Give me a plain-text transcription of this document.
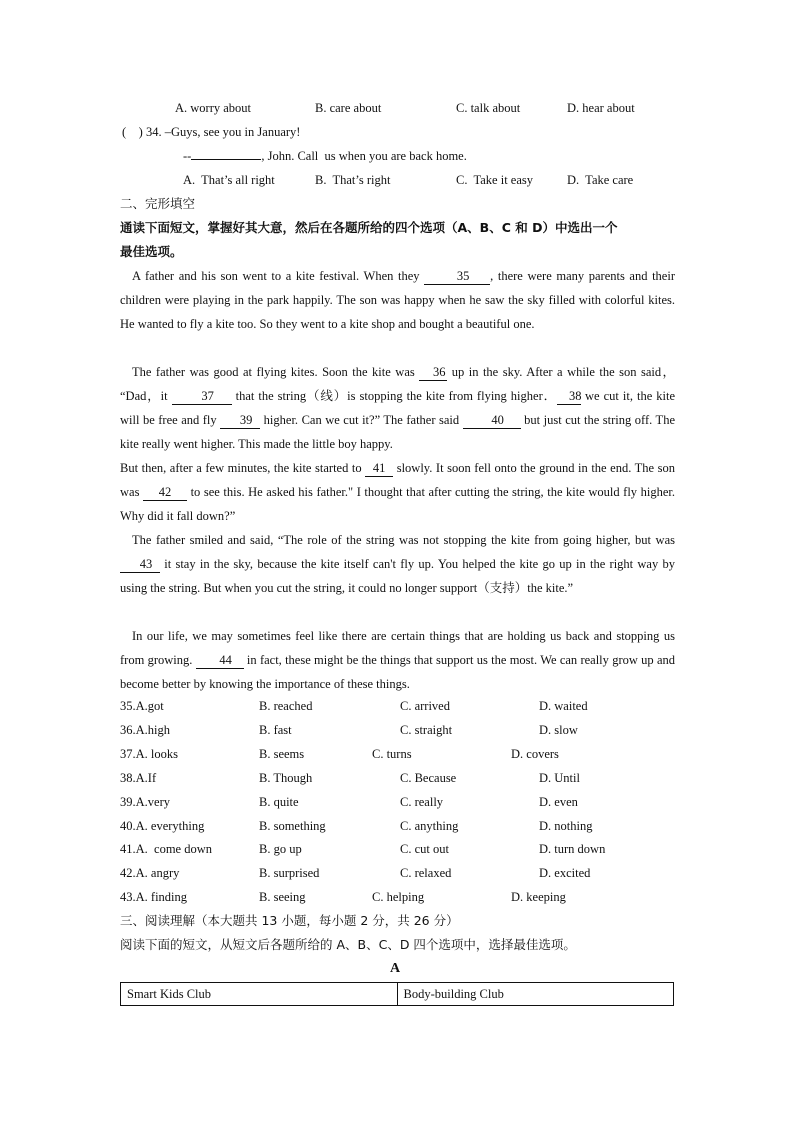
A. worry about	B. care about	C. talk about	D. hear about
(    ) 34. –Guys, see you in January!
--	, John. Call  us when you are back home.
A.  That’s all right	B.  That’s right	C.  Take it easy	D.  Take care
二、完形填空
通读下面短文，掌握好其大意，然后在各题所给的四个选项（A、B、C 和 D）中选出一个
最佳选项。
A father and his son went to a kite festival. When they	35 , there were many parents and their children were playing in the park happily. The son was happy when he saw the sky filled with colorful kites. He wanted to fly a kite too. So they went to a kite shop and bought a beautiful one.
The father was good at flying kites. Soon the kite was 36 up in the sky. After a while the son said， “Dad，it 37 that the string（线）is stopping the kite from flying higher． 38 we cut it, the kite will be free and fly 39 higher. Can we cut it?” The father said 40 but just cut the string off. The kite really went higher. This made the little boy happy.
But then, after a few minutes, the kite started to 41 slowly. It soon fell onto the ground in the end. The son was 42 to see this. He asked his father." I thought that after cutting the string, the kite would fly higher. Why did it fall down?”
The father smiled and said, “The role of the string was not stopping the kite from going higher, but was 43 it stay in the sky, because the kite itself can't fly up. You helped the kite go up in the right way by using the string. But when you cut the string, it could no longer support（支持）the kite.”
In our life, we may sometimes feel like there are certain things that are holding us back and stopping us from growing. 44 in fact, these might be the things that support us the most. We can really grow up and become better by knowing the importance of these things.
35.A.got	B. reached	C. arrived	D. waited
36.A.high	B. fast	C. straight	D. slow
37.A. looks	B. seems	C. turns	D. covers
38.A.If	B. Though	C. Because	D. Until
39.A.very	B. quite	C. really	D. even
40.A. everything	B. something	C. anything	D. nothing
41.A.  come down	B. go up	C. cut out	D. turn down
42.A. angry	B. surprised	C. relaxed	D. excited
43.A. finding	B. seeing	C. helping	D. keeping
三、阅读理解（本大题共 13 小题，每小题 2 分，共 26 分）
阅读下面的短文，从短文后各题所给的 A、B、C、D 四个选项中，选择最佳选项。
A
Smart Kids Club	Body-building Club
